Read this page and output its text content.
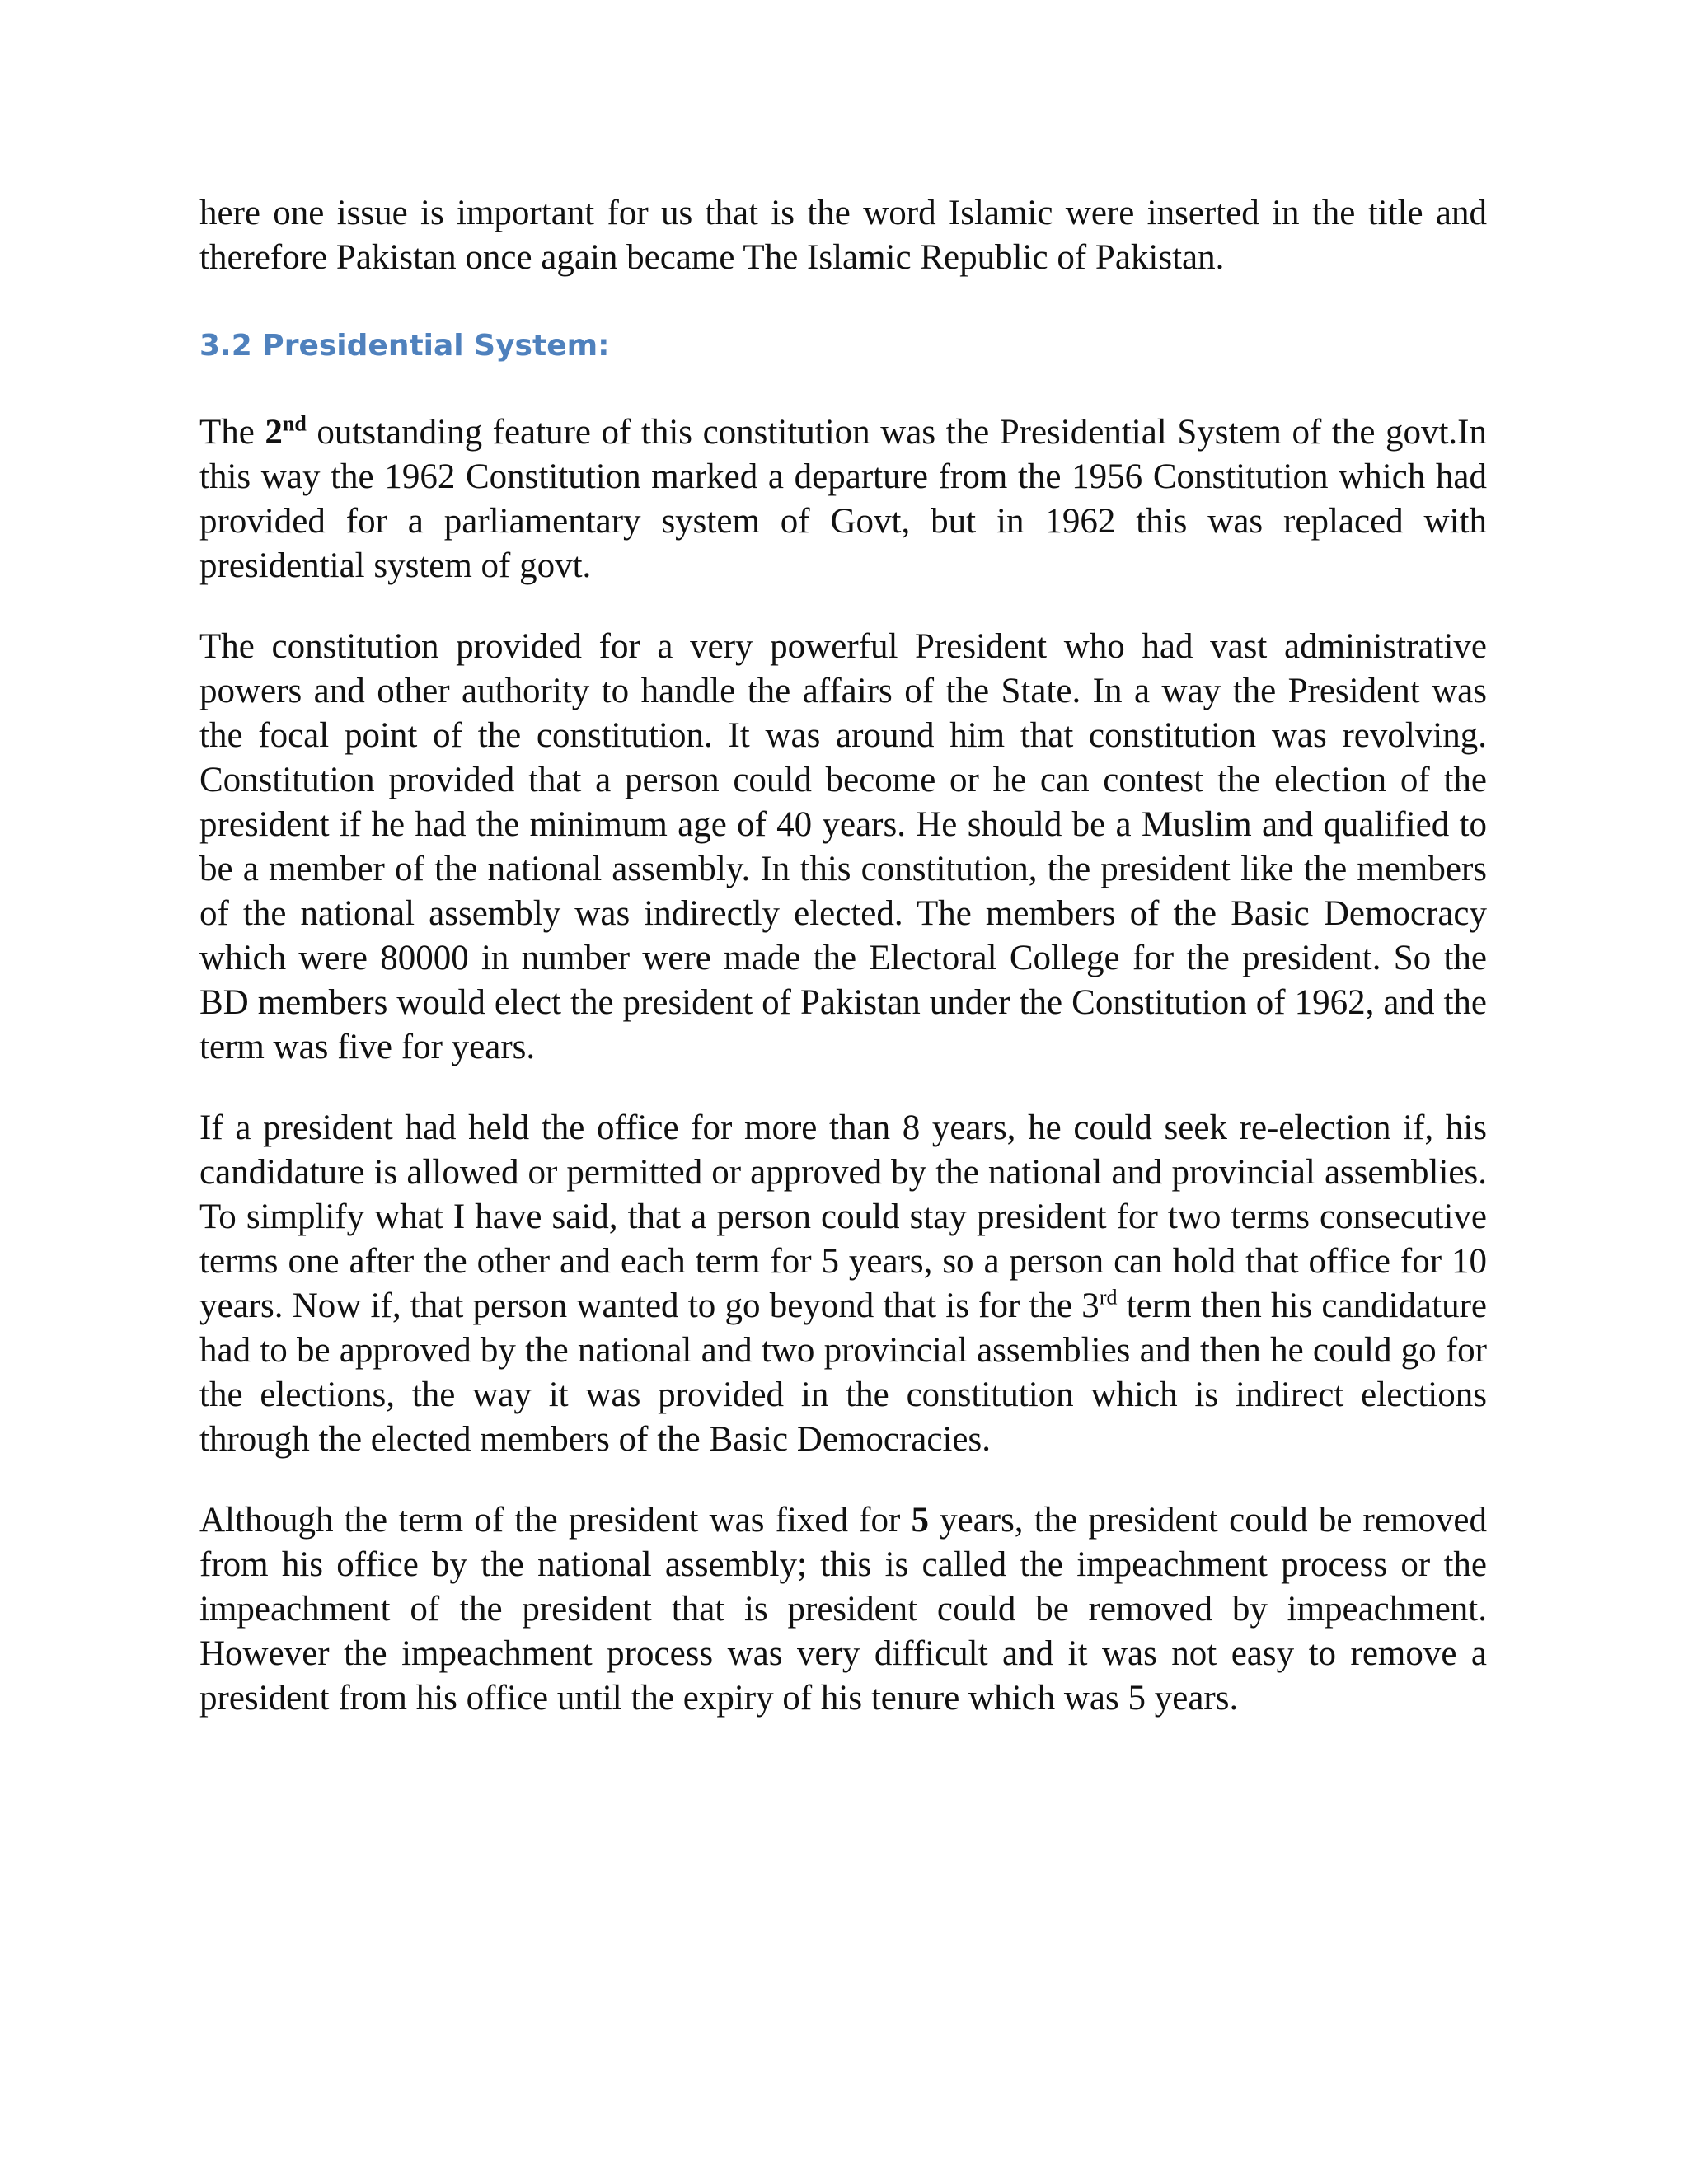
here one issue is important for us that is the word Islamic were inserted in the title and therefore Pakistan once again became The Islamic Republic of Pakistan.

3.2 Presidential System:

The 2nd outstanding feature of this constitution was the Presidential System of the govt.In this way the 1962 Constitution marked a departure from the 1956 Constitution which had provided for a parliamentary system of Govt, but in 1962 this was replaced with presidential system of govt.

The constitution provided for a very powerful President who had vast administrative powers and other authority to handle the affairs of the State. In a way the President was the focal point of the constitution. It was around him that constitution was revolving. Constitution provided that a person could become or he can contest the election of the president if he had the minimum age of 40 years. He should be a Muslim and qualified to be a member of the national assembly. In this constitution, the president like the members of the national assembly was indirectly elected. The members of the Basic Democracy which were 80000 in number were made the Electoral College for the president. So the BD members would elect the president of Pakistan under the Constitution of 1962, and the term was five for years.

If a president had held the office for more than 8 years, he could seek re-election if, his candidature is allowed or permitted or approved by the national and provincial assemblies. To simplify what I have said, that a person could stay president for two terms consecutive terms one after the other and each term for 5 years, so a person can hold that office for 10 years. Now if, that person wanted to go beyond that is for the 3rd term then his candidature had to be approved by the national and two provincial assemblies and then he could go for the elections, the way it was provided in the constitution which is indirect elections through the elected members of the Basic Democracies.

Although the term of the president was fixed for 5 years, the president could be removed from his office by the national assembly; this is called the impeachment process or the impeachment of the president that is president could be removed by impeachment. However the impeachment process was very difficult and it was not easy to remove a president from his office until the expiry of his tenure which was 5 years.
